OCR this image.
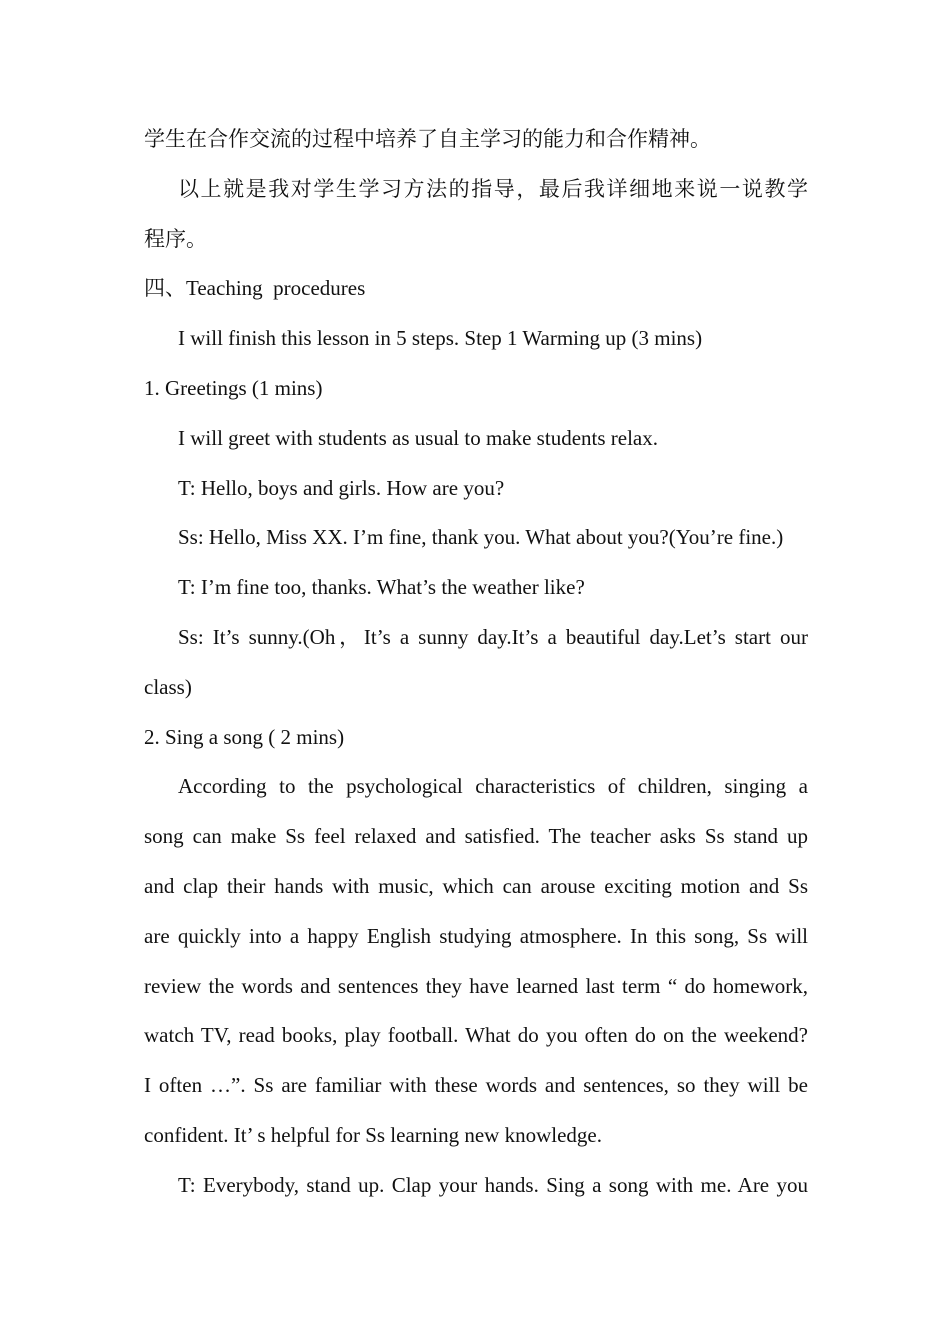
学生在合作交流的过程中培养了自主学习的能力和合作精神。
以上就是我对学生学习方法的指导，最后我详细地来说一说教学
程序。
四、Teaching  procedures
I will finish this lesson in 5 steps. Step 1 Warming up (3 mins)
1. Greetings (1 mins)
I will greet with students as usual to make students relax.
T: Hello, boys and girls. How are you?
Ss: Hello, Miss XX. I’m fine, thank you. What about you?(You’re fine.)
T: I’m fine too, thanks. What’s the weather like?
Ss: It’s sunny.(Oh，It’s a sunny day.It’s a beautiful day.Let’s start our
class)
2. Sing a song ( 2 mins)
According to the psychological characteristics of children, singing a
song can make Ss feel relaxed and satisfied. The teacher asks Ss stand up
and clap their hands with music, which can arouse exciting motion and Ss
are quickly into a happy English studying atmosphere. In this song, Ss will
review the words and sentences they have learned last term “ do homework,
watch TV, read books, play football. What do you often do on the weekend?
I often …”. Ss are familiar with these words and sentences, so they will be
confident. It’ s helpful for Ss learning new knowledge.
T: Everybody, stand up. Clap your hands. Sing a song with me. Are you
